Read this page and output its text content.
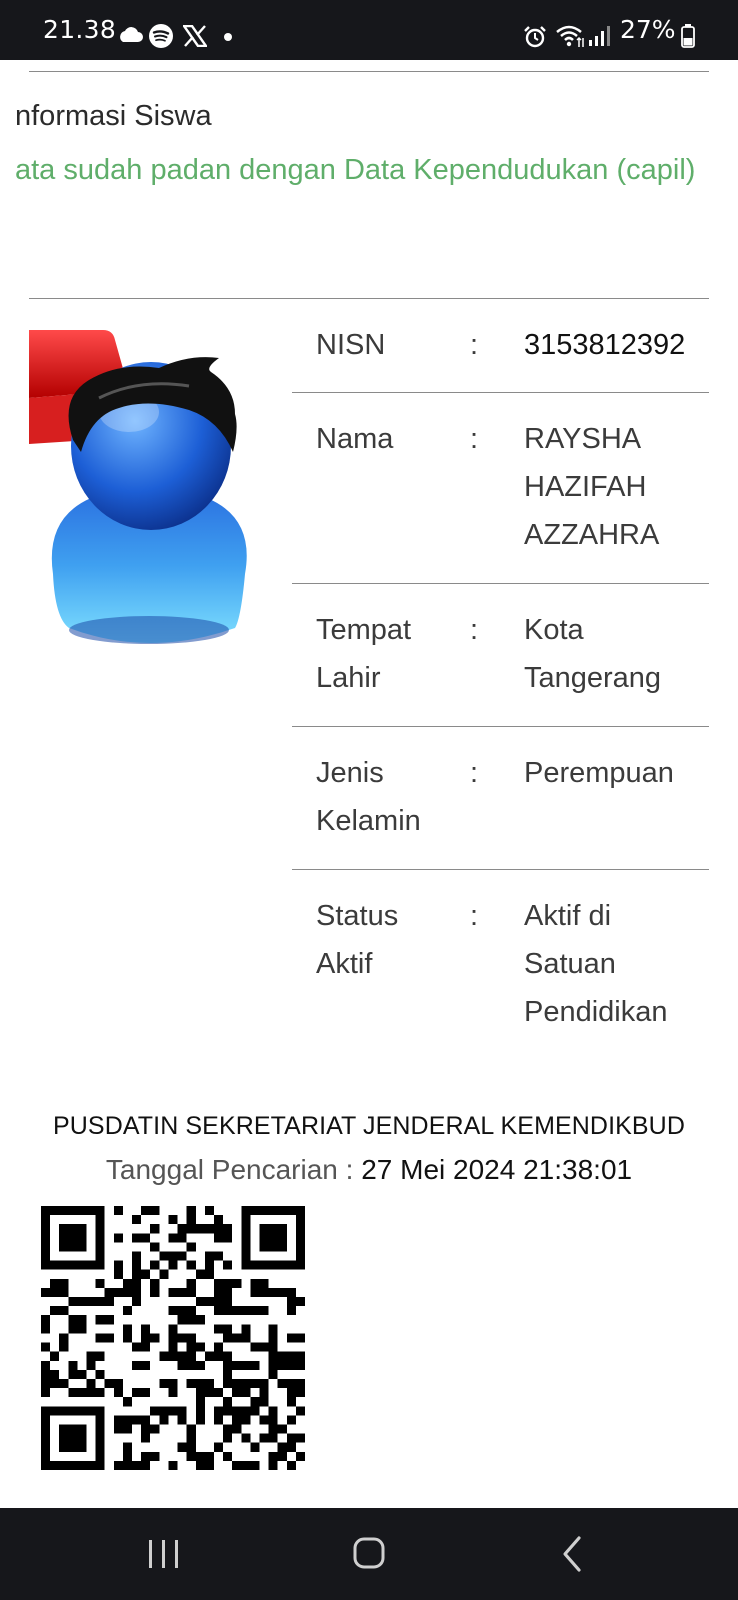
21.38	27%
nformasi Siswa
ata sudah padan dengan Data Kependudukan (capil)
NISN	: 3153812392
Nama	: RAYSHA HAZIFAH AZZAHRA
Tempat Lahir
: Kota Tangerang
Jenis Kelamin
: Perempuan
Status Aktif
: Aktif di Satuan Pendidikan
PUSDATIN SEKRETARIAT JENDERAL KEMENDIKBUD
Tanggal Pencarian : 27 Mei 2024 21:38:01
